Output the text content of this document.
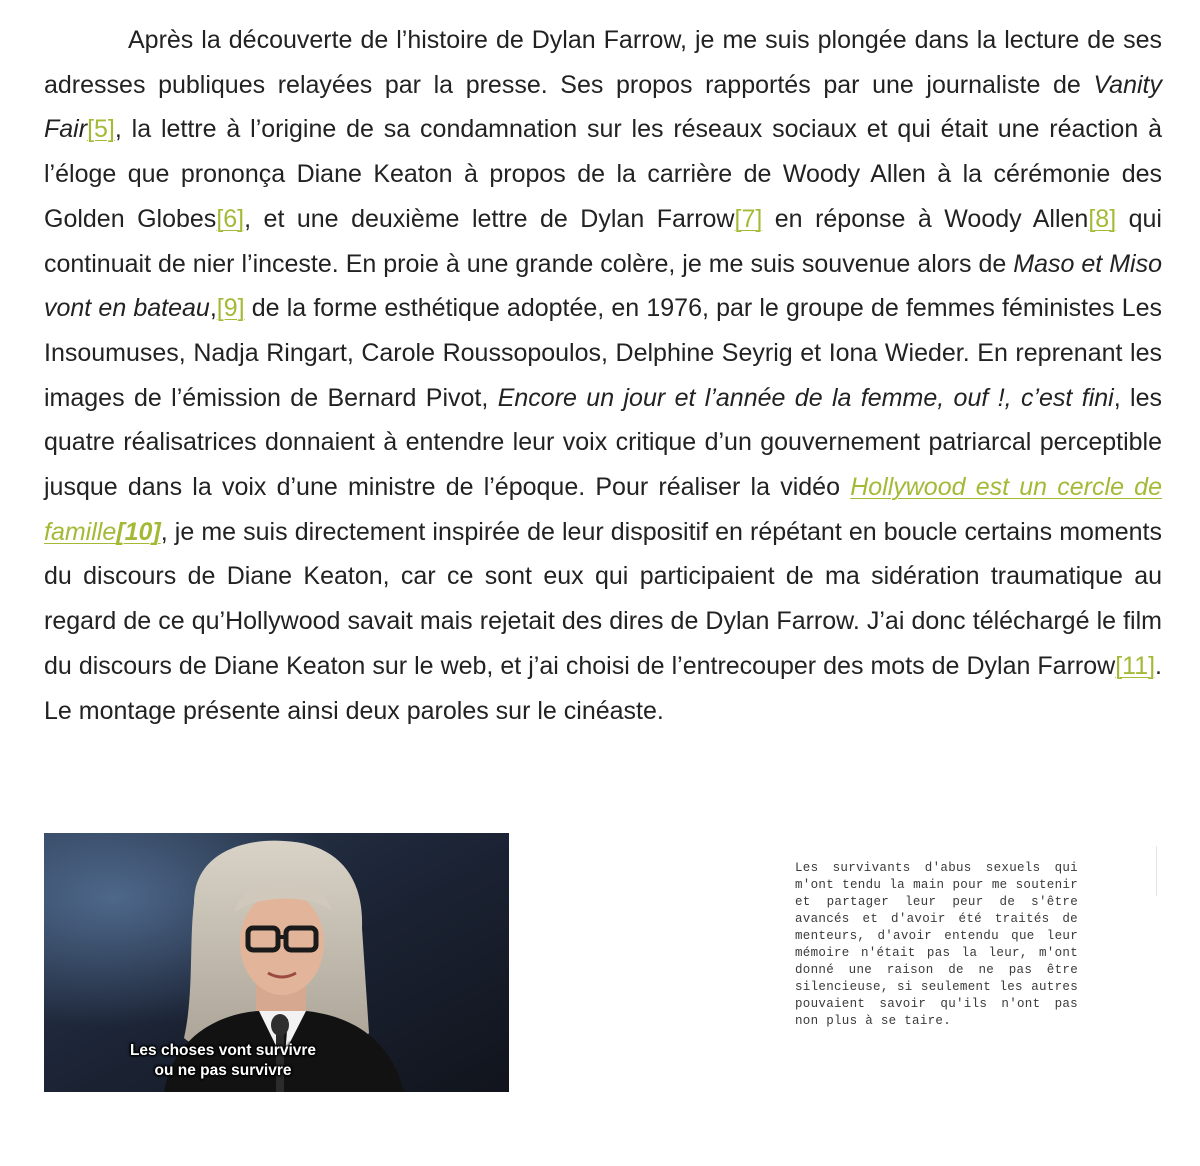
Après la découverte de l’histoire de Dylan Farrow, je me suis plongée dans la lecture de ses adresses publiques relayées par la presse. Ses propos rapportés par une journaliste de Vanity Fair[5], la lettre à l’origine de sa condamnation sur les réseaux sociaux et qui était une réaction à l’éloge que prononça Diane Keaton à propos de la carrière de Woody Allen à la cérémonie des Golden Globes[6], et une deuxième lettre de Dylan Farrow[7] en réponse à Woody Allen[8] qui continuait de nier l’inceste. En proie à une grande colère, je me suis souvenue alors de Maso et Miso vont en bateau,[9] de la forme esthétique adoptée, en 1976, par le groupe de femmes féministes Les Insoumuses, Nadja Ringart, Carole Roussopoulos, Delphine Seyrig et Iona Wieder. En reprenant les images de l’émission de Bernard Pivot, Encore un jour et l’année de la femme, ouf !, c’est fini, les quatre réalisatrices donnaient à entendre leur voix critique d’un gouvernement patriarcal perceptible jusque dans la voix d’une ministre de l’époque. Pour réaliser la vidéo Hollywood est un cercle de famille[10], je me suis directement inspirée de leur dispositif en répétant en boucle certains moments du discours de Diane Keaton, car ce sont eux qui participaient de ma sidération traumatique au regard de ce qu’Hollywood savait mais rejetait des dires de Dylan Farrow. J’ai donc téléchargé le film du discours de Diane Keaton sur le web, et j’ai choisi de l’entrecouper des mots de Dylan Farrow[11]. Le montage présente ainsi deux paroles sur le cinéaste.

Les choses vont survivre
ou ne pas survivre

Les survivants d'abus sexuels qui m'ont tendu la main pour me soutenir et partager leur peur de s'être avancés et d'avoir été traités de menteurs, d'avoir entendu que leur mémoire n'était pas la leur, m'ont donné une raison de ne pas être silencieuse, si seulement les autres pouvaient savoir qu'ils n'ont pas non plus à se taire.
